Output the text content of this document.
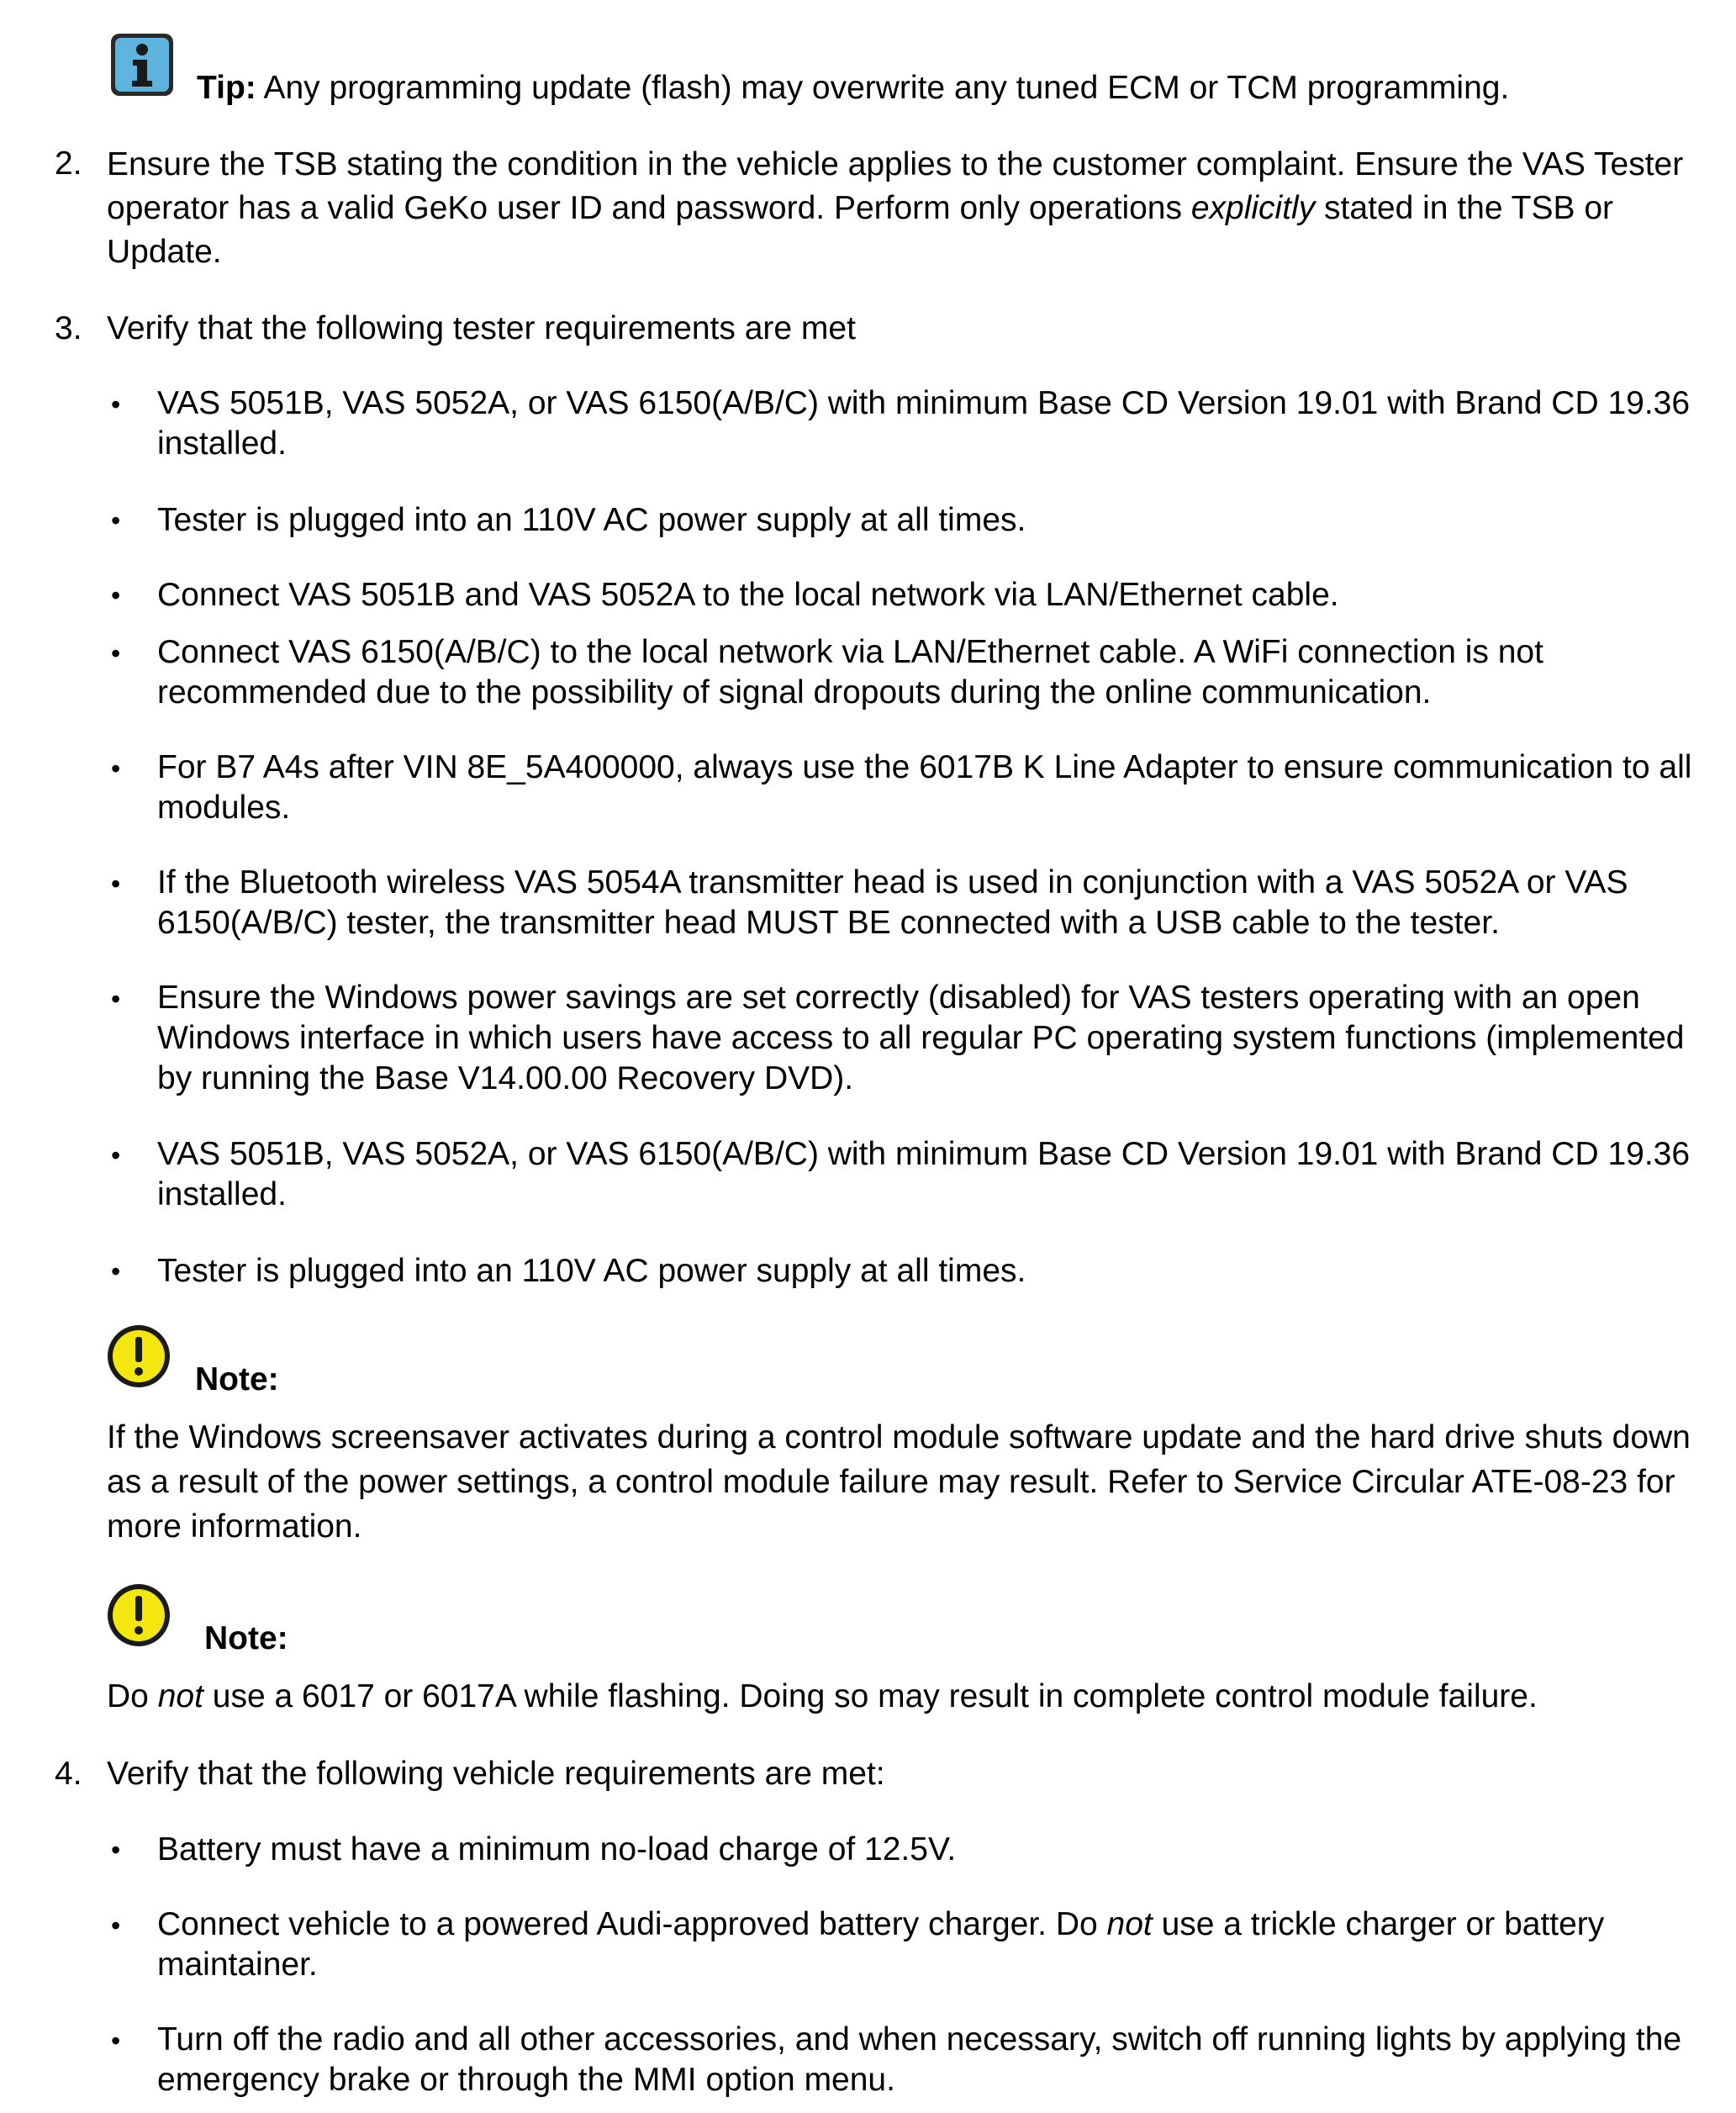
Tip: Any programming update (flash) may overwrite any tuned ECM or TCM programming.

2. Ensure the TSB stating the condition in the vehicle applies to the customer complaint. Ensure the VAS Tester operator has a valid GeKo user ID and password. Perform only operations explicitly stated in the TSB or Update.

3. Verify that the following tester requirements are met

• VAS 5051B, VAS 5052A, or VAS 6150(A/B/C) with minimum Base CD Version 19.01 with Brand CD 19.36 installed.

• Tester is plugged into an 110V AC power supply at all times.

• Connect VAS 5051B and VAS 5052A to the local network via LAN/Ethernet cable.

• Connect VAS 6150(A/B/C) to the local network via LAN/Ethernet cable. A WiFi connection is not recommended due to the possibility of signal dropouts during the online communication.

• For B7 A4s after VIN 8E_5A400000, always use the 6017B K Line Adapter to ensure communication to all modules.

• If the Bluetooth wireless VAS 5054A transmitter head is used in conjunction with a VAS 5052A or VAS 6150(A/B/C) tester, the transmitter head MUST BE connected with a USB cable to the tester.

• Ensure the Windows power savings are set correctly (disabled) for VAS testers operating with an open Windows interface in which users have access to all regular PC operating system functions (implemented by running the Base V14.00.00 Recovery DVD).

• VAS 5051B, VAS 5052A, or VAS 6150(A/B/C) with minimum Base CD Version 19.01 with Brand CD 19.36 installed.

• Tester is plugged into an 110V AC power supply at all times.

Note:

If the Windows screensaver activates during a control module software update and the hard drive shuts down as a result of the power settings, a control module failure may result. Refer to Service Circular ATE-08-23 for more information.

Note:

Do not use a 6017 or 6017A while flashing. Doing so may result in complete control module failure.

4. Verify that the following vehicle requirements are met:

• Battery must have a minimum no-load charge of 12.5V.

• Connect vehicle to a powered Audi-approved battery charger. Do not use a trickle charger or battery maintainer.

• Turn off the radio and all other accessories, and when necessary, switch off running lights by applying the emergency brake or through the MMI option menu.
